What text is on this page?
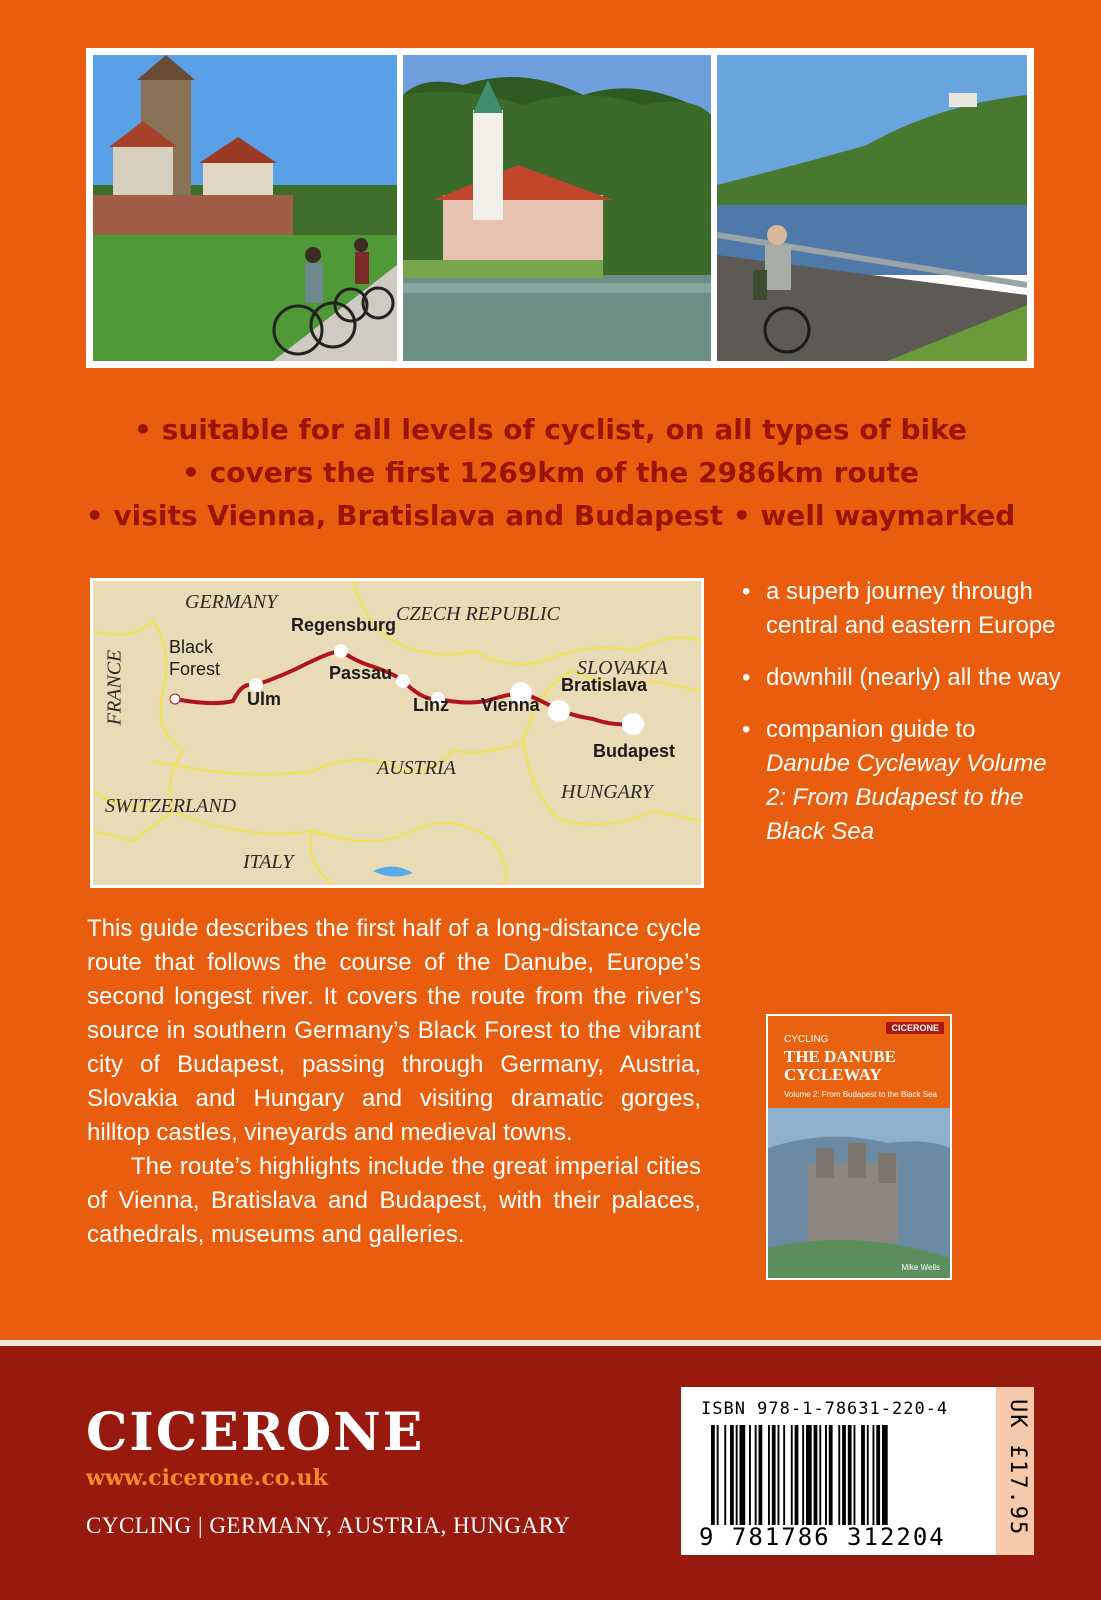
• suitable for all levels of cyclist, on all types of bike
• covers the first 1269km of the 2986km route
• visits Vienna, Bratislava and Budapest • well waymarked
GERMANY
CZECH REPUBLIC
SLOVAKIA
FRANCE
AUSTRIA
HUNGARY
SWITZERLAND
ITALY
Black
Forest
Ulm
Regensburg
Passau
Linz Vienna
Bratislava
Budapest
• a superb journey through central and eastern Europe
• downhill (nearly) all the way
• companion guide to
Danube Cycleway Volume 2: From Budapest to the Black Sea

This guide describes the first half of a long-distance cycle route that follows the course of the Danube, Europe’s second longest river. It covers the route from the river’s source in southern Germany’s Black Forest to the vibrant city of Budapest, passing through Germany, Austria, Slovakia and Hungary and visiting dramatic gorges, hilltop castles, vineyards and medieval towns.

The route’s highlights include the great imperial cities of Vienna, Bratislava and Budapest, with their palaces, cathedrals, museums and galleries.

CICERONE
CYCLING
THE DANUBE CYCLEWAY
Volume 2: From Budapest to the Black Sea
Mike Wells
CICERONE
www.cicerone.co.uk
CYCLING | GERMANY, AUSTRIA, HUNGARY
ISBN 978-1-78631-220-4
9 781786 312204
UK £17.95
